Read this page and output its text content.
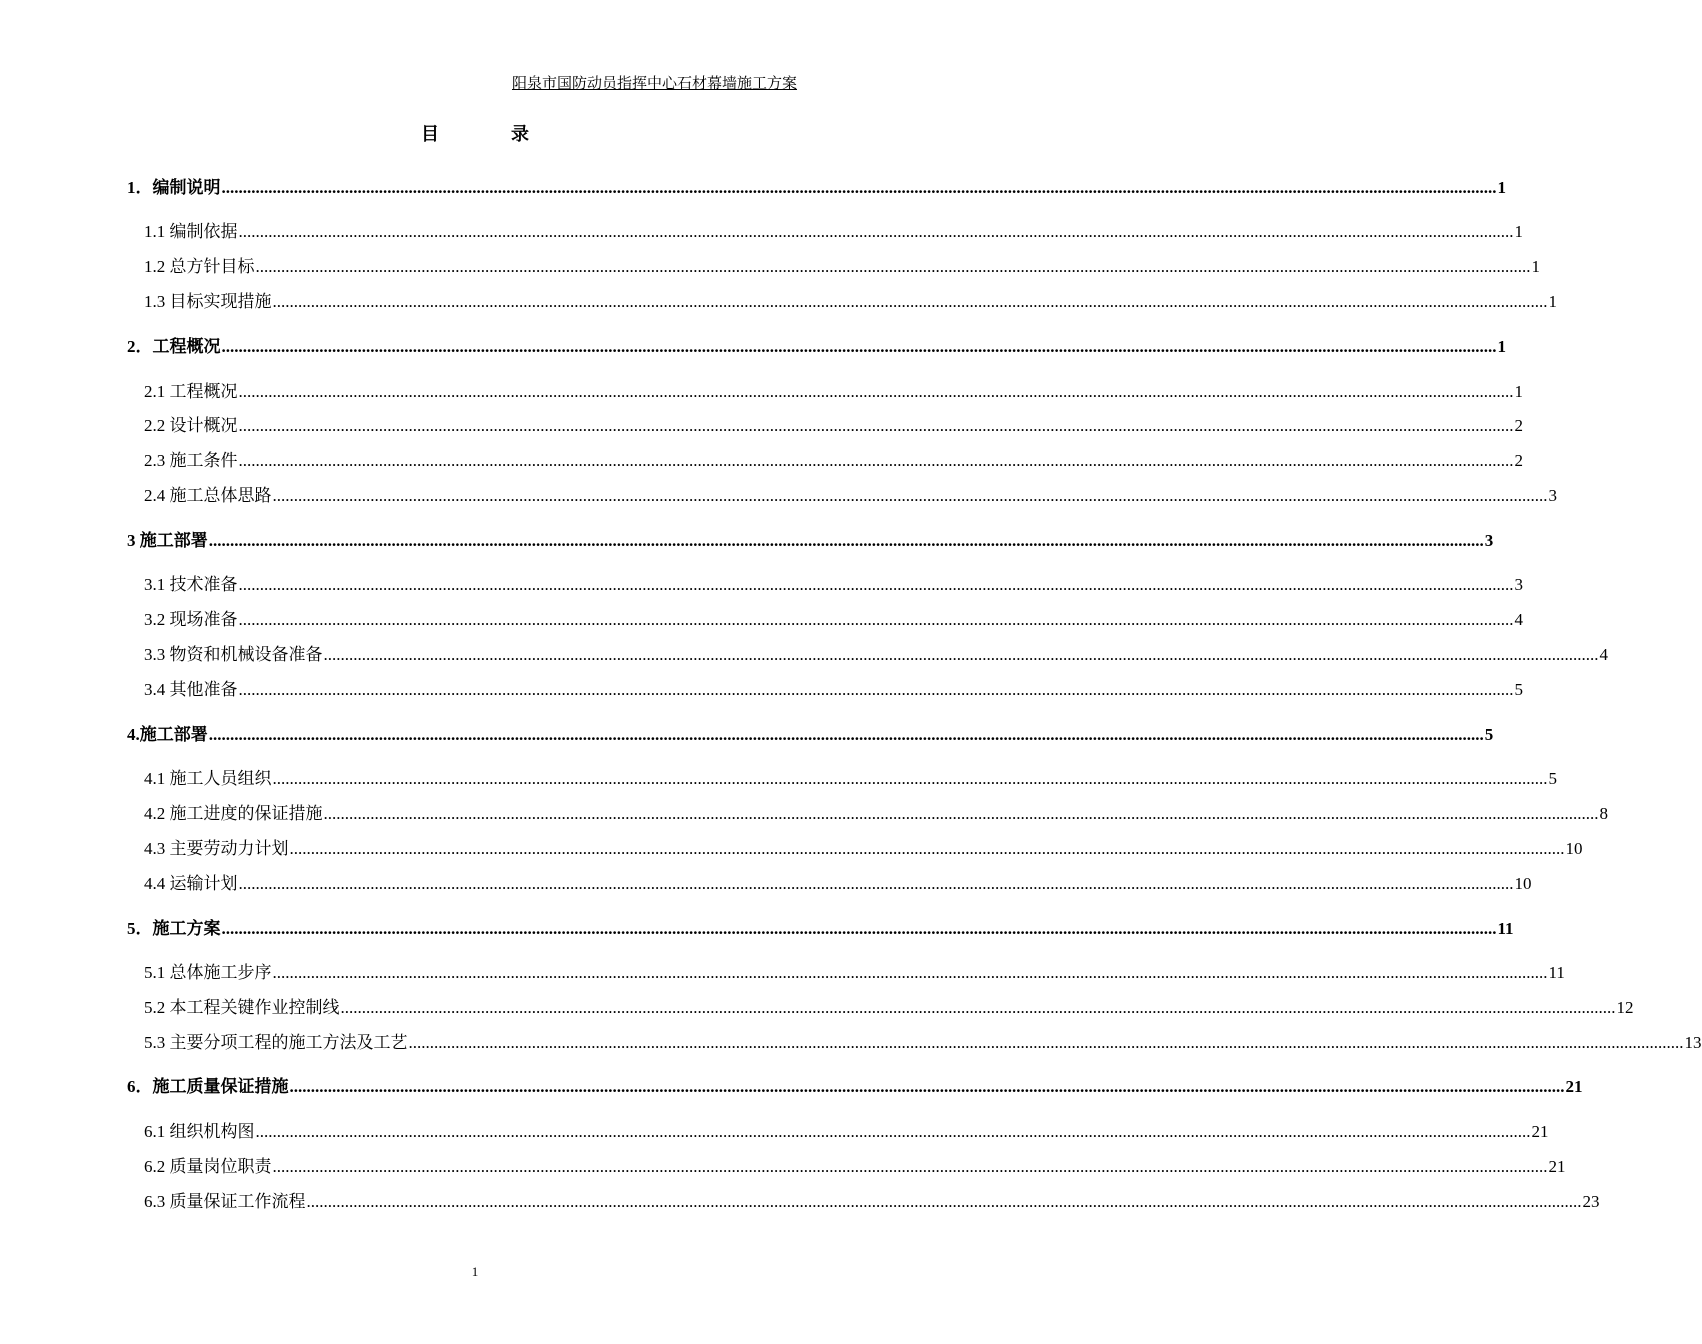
阳泉市国防动员指挥中心石材幕墙施工方案
目	录
1．编制说明 ............................................................................................................................................................................................................................................................................................................ 1
1.1 编制依据 ............................................................................................................................................................................................................................................................................................................ 1
1.2 总方针目标 ............................................................................................................................................................................................................................................................................................................ 1
1.3 目标实现措施 ............................................................................................................................................................................................................................................................................................................ 1
2．工程概况 ............................................................................................................................................................................................................................................................................................................ 1
2.1 工程概况 ............................................................................................................................................................................................................................................................................................................ 1
2.2 设计概况 ............................................................................................................................................................................................................................................................................................................ 2
2.3 施工条件 ............................................................................................................................................................................................................................................................................................................ 2
2.4 施工总体思路 ............................................................................................................................................................................................................................................................................................................ 3
3 施工部署 ............................................................................................................................................................................................................................................................................................................ 3
3.1 技术准备 ............................................................................................................................................................................................................................................................................................................ 3
3.2 现场准备 ............................................................................................................................................................................................................................................................................................................ 4
3.3 物资和机械设备准备 ............................................................................................................................................................................................................................................................................................................ 4
3.4 其他准备 ............................................................................................................................................................................................................................................................................................................ 5
4.施工部署 ............................................................................................................................................................................................................................................................................................................ 5
4.1 施工人员组织 ............................................................................................................................................................................................................................................................................................................ 5
4.2 施工进度的保证措施 ............................................................................................................................................................................................................................................................................................................ 8
4.3 主要劳动力计划 ............................................................................................................................................................................................................................................................................................................ 10
4.4 运输计划 ............................................................................................................................................................................................................................................................................................................ 10
5．施工方案 ............................................................................................................................................................................................................................................................................................................ 11
5.1 总体施工步序 ............................................................................................................................................................................................................................................................................................................ 11
5.2 本工程关键作业控制线 ............................................................................................................................................................................................................................................................................................................ 12
5.3 主要分项工程的施工方法及工艺 ............................................................................................................................................................................................................................................................................................................ 13
6．施工质量保证措施 ............................................................................................................................................................................................................................................................................................................ 21
6.1 组织机构图 ............................................................................................................................................................................................................................................................................................................ 21
6.2 质量岗位职责 ............................................................................................................................................................................................................................................................................................................ 21
6.3 质量保证工作流程 ............................................................................................................................................................................................................................................................................................................ 23
1
